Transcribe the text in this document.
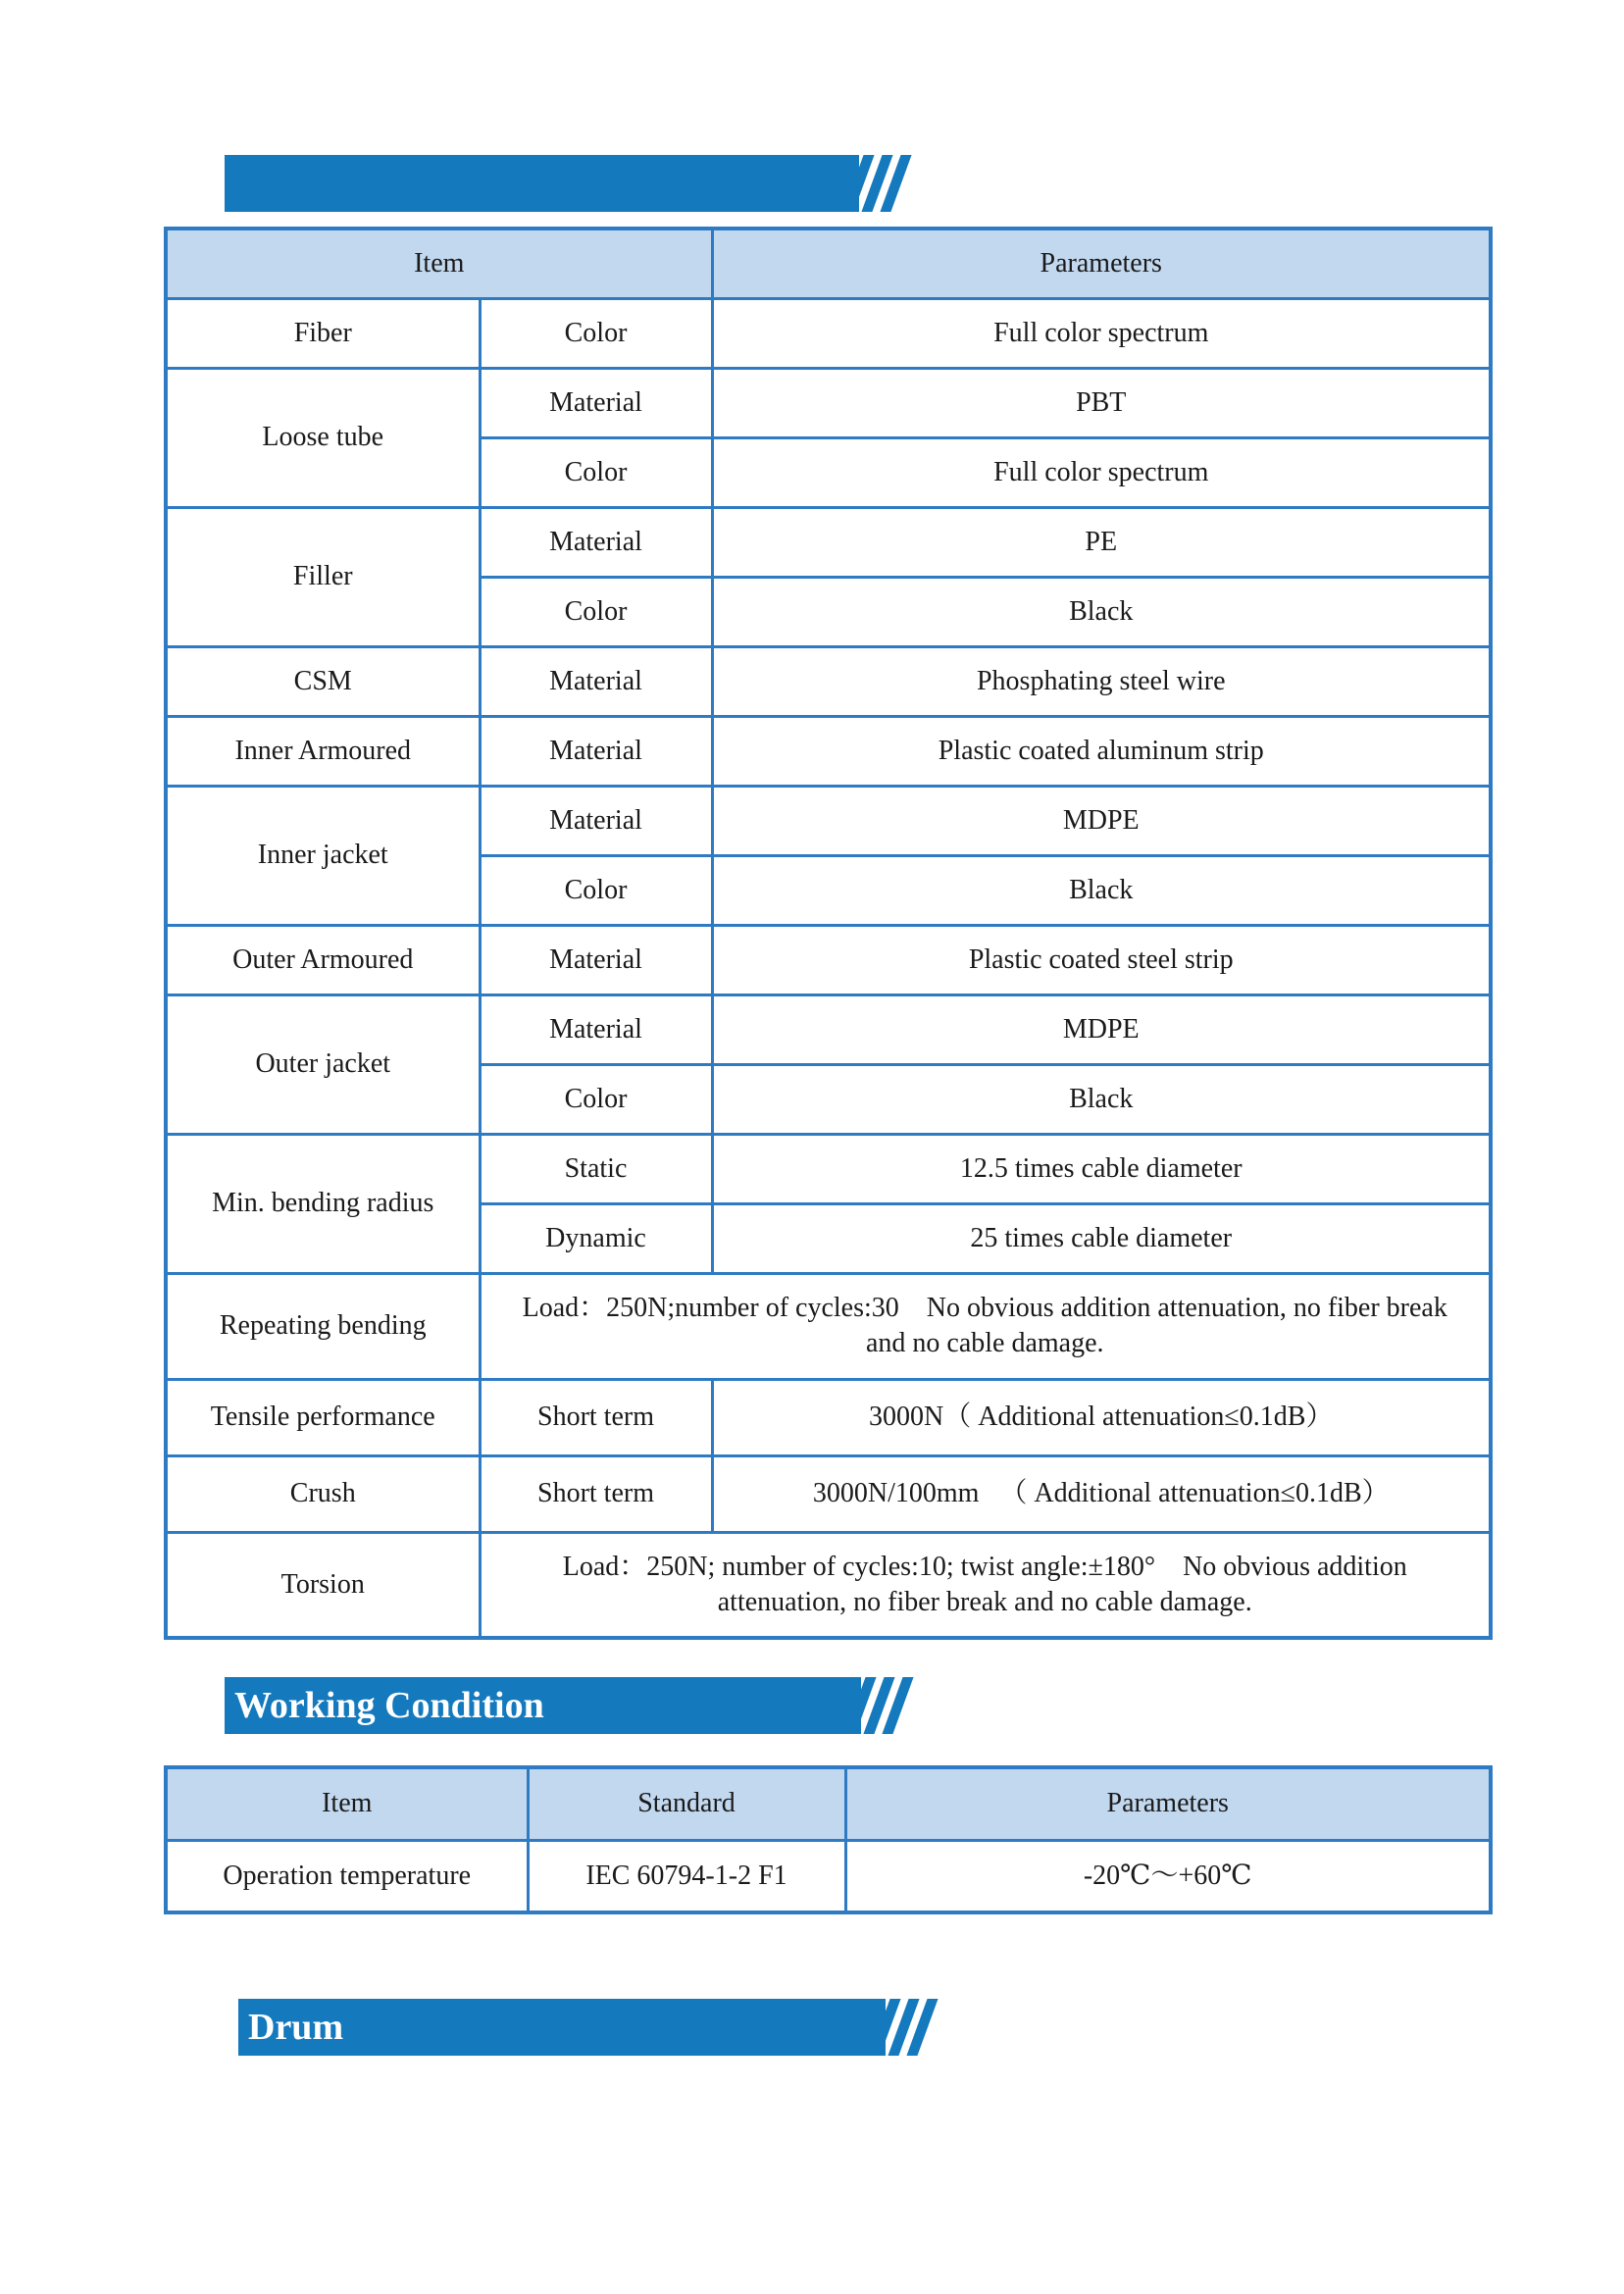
Item		Parameters
Fiber	Color	Full color spectrum
Loose tube	Material	PBT
	Color	Full color spectrum
Filler	Material	PE
	Color	Black
CSM	Material	Phosphating steel wire
Inner Armoured	Material	Plastic coated aluminum strip
Inner jacket	Material	MDPE
	Color	Black
Outer Armoured	Material	Plastic coated steel strip
Outer jacket	Material	MDPE
	Color	Black
Min. bending radius	Static	12.5 times cable diameter
	Dynamic	25 times cable diameter
Repeating bending	Load：250N;number of cycles:30    No obvious addition attenuation, no fiber break
and no cable damage.	
Tensile performance	Short term	3000N（ Additional attenuation≤0.1dB）
Crush	Short term	3000N/100mm   （ Additional attenuation≤0.1dB）
Torsion	Load：250N; number of cycles:10; twist angle:±180°    No obvious addition
attenuation, no fiber break and no cable damage.	
Working Condition
Item	Standard	Parameters
Operation temperature	IEC 60794-1-2 F1	-20℃～+60℃
Drum
